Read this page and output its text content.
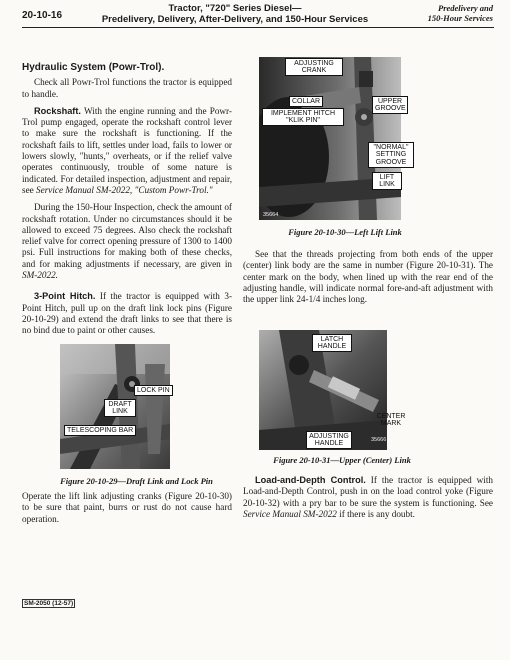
20-10-16
Tractor, "720" Series Diesel—
Predelivery, Delivery, After-Delivery, and 150-Hour Services
Predelivery and
150-Hour Services
Hydraulic System (Powr-Trol).

Check all Powr-Trol functions the tractor is equipped to handle.

Rockshaft. With the engine running and the Powr-Trol pump engaged, operate the rockshaft control lever to make sure the rockshaft is functioning. If the rockshaft fails to lift, settles under load, fails to lower or lowers slowly, "hunts," overheats, or if the relief valve operates continuously, trouble of some nature is indicated. For detailed inspection, adjustment and repair, see Service Manual SM-2022, "Custom Powr-Trol."

During the 150-Hour Inspection, check the amount of rockshaft rotation. Under no circumstances should it be allowed to exceed 75 degrees. Also check the rockshaft relief valve for correct opening pressure of 1300 to 1400 psi. Full instructions for making both of these checks, and for making adjustments if necessary, are given in SM-2022.

3-Point Hitch. If the tractor is equipped with 3-Point Hitch, pull up on the draft link lock pins (Figure 20-10-29) and extend the draft links to see that there is no bind due to paint or other causes.

LOCK PIN
DRAFT LINK
TELESCOPING BAR
Figure 20-10-29—Draft Link and Lock Pin
Operate the lift link adjusting cranks (Figure 20-10-30) to be sure that paint, burrs or rust do not cause hard operation.
35664
ADJUSTING CRANK
COLLAR
IMPLEMENT HITCH "KLIK PIN"
UPPER GROOVE
"NORMAL" SETTING GROOVE
LIFT LINK
Figure 20-10-30—Left Lift Link

See that the threads projecting from both ends of the upper (center) link body are the same in number (Figure 20-10-31). The center mark on the body, when lined up with the rear end of the adjusting handle, will indicate normal fore-and-aft adjustment with the upper link 24-1/4 inches long.

35666
LATCH HANDLE
CENTER MARK
ADJUSTING HANDLE
Figure 20-10-31—Upper (Center) Link

Load-and-Depth Control. If the tractor is equipped with Load-and-Depth Control, push in on the load control yoke (Figure 20-10-32) with a pry bar to be sure the system is functioning. See Service Manual SM-2022 if there is any doubt.

SM-2050 (12-57)
